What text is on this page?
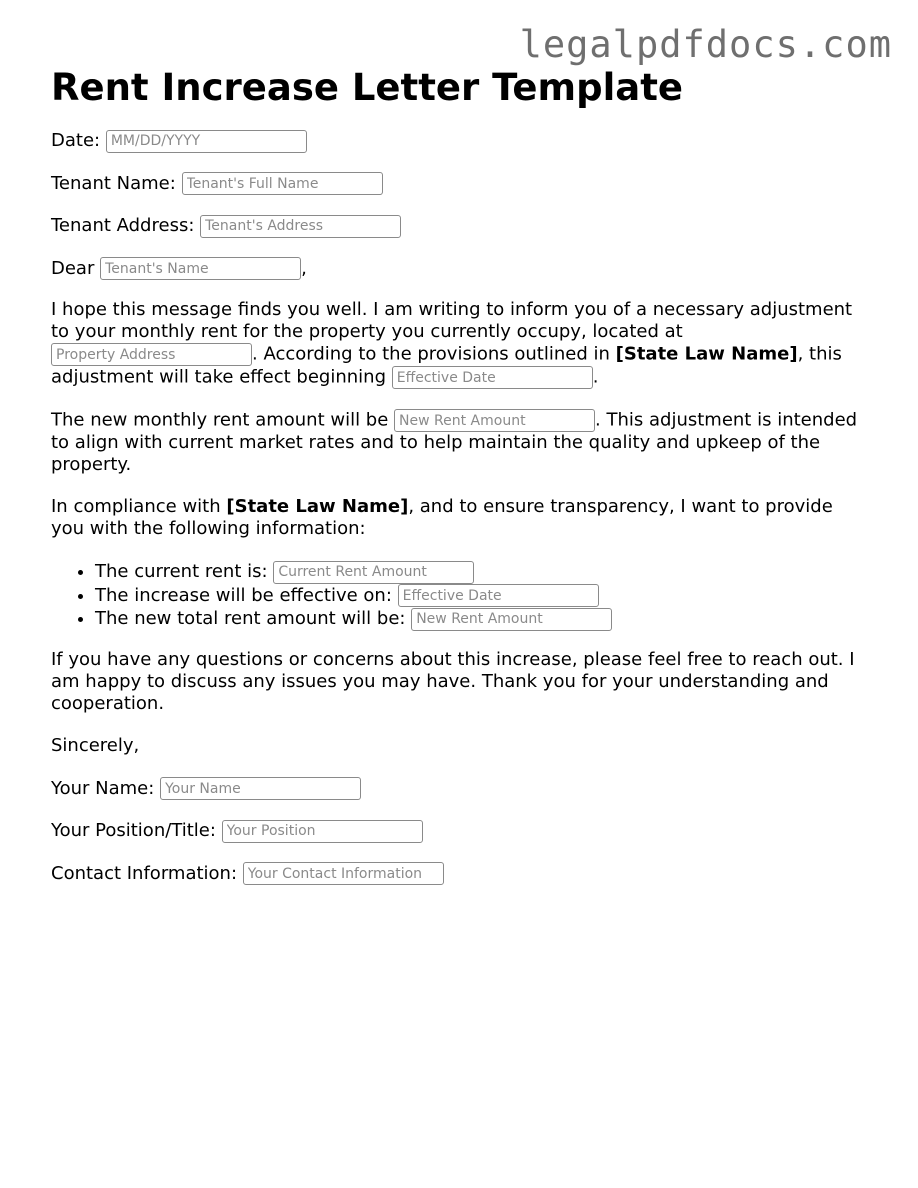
legalpdfdocs.com
Rent Increase Letter Template

Date: MM/DD/YYYY

Tenant Name: Tenant's Full Name

Tenant Address: Tenant's Address

Dear Tenant's Name	,

I hope this message finds you well. I am writing to inform you of a necessary adjustment to your monthly rent for the property you currently occupy, located at Property Address. According to the provisions outlined in [State Law Name], this adjustment will take effect beginning Effective Date	.

The new monthly rent amount will be New Rent Amount	. This adjustment is intended to align with current market rates and to help maintain the quality and upkeep of the property.

In compliance with [State Law Name], and to ensure transparency, I want to provide you with the following information:

• The current rent is: Current Rent Amount
• The increase will be effective on: Effective Date
• The new total rent amount will be: New Rent Amount

If you have any questions or concerns about this increase, please feel free to reach out. I am happy to discuss any issues you may have. Thank you for your understanding and cooperation.

Sincerely,

Your Name: Your Name

Your Position/Title: Your Position

Contact Information: Your Contact Information
